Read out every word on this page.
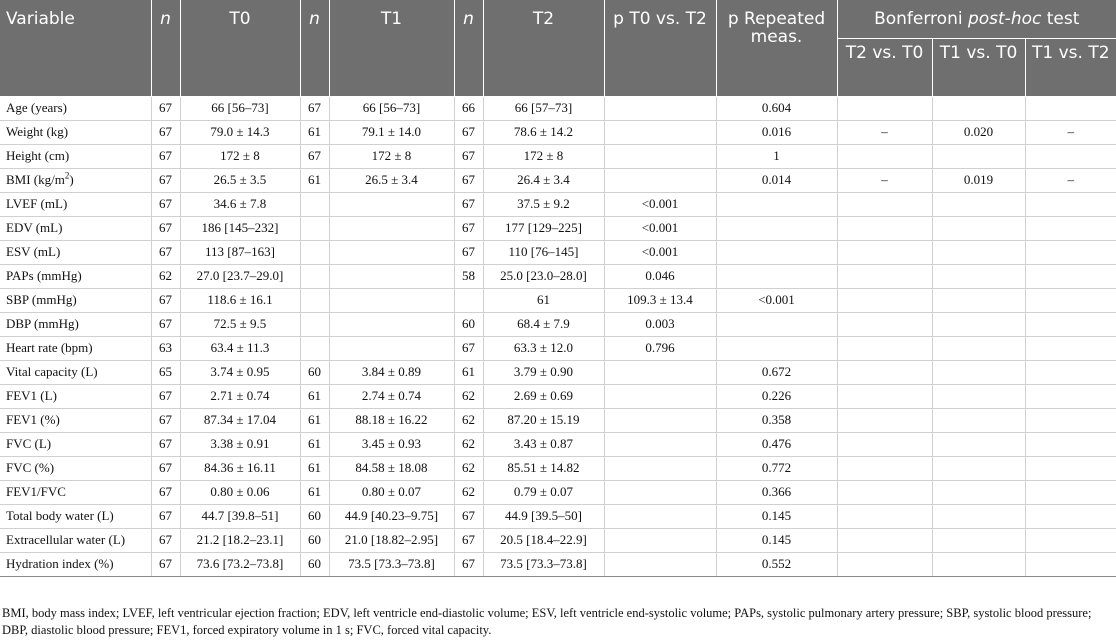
Variable	n	T0	n	T1	n	T2	p T0 vs. T2	p Repeated meas.	Bonferroni post-hoc test		
									T2 vs. T0	T1 vs. T0	T1 vs. T2
Age (years)	67	66 [56–73]	67	66 [56–73]	66	66 [57–73]		0.604			
Weight (kg)	67	79.0 ± 14.3	61	79.1 ± 14.0	67	78.6 ± 14.2		0.016	–	0.020	–
Height (cm)	67	172 ± 8	67	172 ± 8	67	172 ± 8		1			
BMI $(kg/m^2)$	67	26.5 ± 3.5	61	26.5 ± 3.4	67	26.4 ± 3.4		0.014	–	0.019	–
LVEF (mL)	67	34.6 ± 7.8			67	37.5 ± 9.2	<0.001				
EDV (mL)	67	186 [145–232]			67	177 [129–225]	<0.001				
ESV (mL)	67	113 [87–163]			67	110 [76–145]	<0.001				
PAPs (mmHg)	62	27.0 [23.7–29.0]			58	25.0 [23.0–28.0]	0.046				
SBP (mmHg)	67	118.6 ± 16.1				61	109.3 ± 13.4	<0.001			
DBP (mmHg)	67	72.5 ± 9.5			60	68.4 ± 7.9	0.003				
Heart rate (bpm)	63	63.4 ± 11.3			67	63.3 ± 12.0	0.796				
Vital capacity (L)	65	3.74 ± 0.95	60	3.84 ± 0.89	61	3.79 ± 0.90		0.672			
FEV1 (L)	67	2.71 ± 0.74	61	2.74 ± 0.74	62	2.69 ± 0.69		0.226			
FEV1 (%)	67	87.34 ± 17.04	61	88.18 ± 16.22	62	87.20 ± 15.19		0.358			
FVC (L)	67	3.38 ± 0.91	61	3.45 ± 0.93	62	3.43 ± 0.87		0.476			
FVC (%)	67	84.36 ± 16.11	61	84.58 ± 18.08	62	85.51 ± 14.82		0.772			
FEV1/FVC	67	0.80 ± 0.06	61	0.80 ± 0.07	62	0.79 ± 0.07		0.366			
Total body water (L)	67	44.7 [39.8–51]	60	44.9 [40.23–9.75]	67	44.9 [39.5–50]		0.145			
Extracellular water (L)	67	21.2 [18.2–23.1]	60	21.0 [18.82–2.95]	67	20.5 [18.4–22.9]		0.145			
Hydration index (%)	67	73.6 [73.2–73.8]	60	73.5 [73.3–73.8]	67	73.5 [73.3–73.8]		0.552			
BMI, body mass index; LVEF, left ventricular ejection fraction; EDV, left ventricle end-diastolic volume; ESV, left ventricle end-systolic volume; PAPs, systolic pulmonary artery pressure; SBP, systolic blood pressure; DBP, diastolic blood pressure; FEV1, forced expiratory volume in 1 s; FVC, forced vital capacity.
